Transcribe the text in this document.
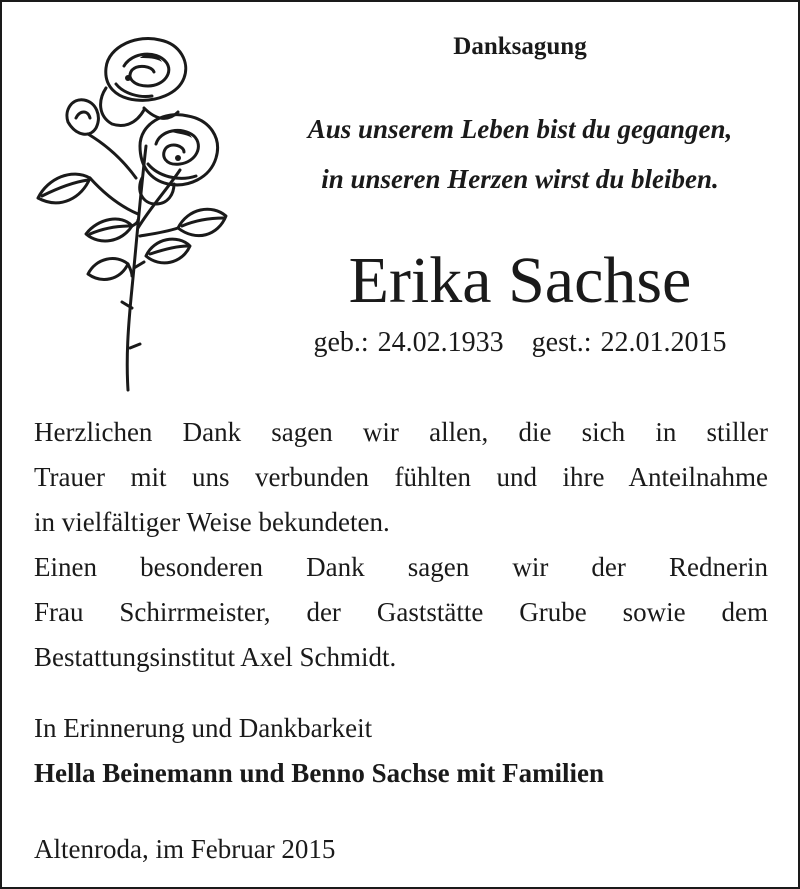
Danksagung
Aus unserem Leben bist du gegangen,
in unseren Herzen wirst du bleiben.
Erika Sachse
geb.: 24.02.1933 gest.: 22.01.2015
Herzlichen Dank sagen wir allen, die sich in stiller
Trauer mit uns verbunden fühlten und ihre Anteilnahme
in vielfältiger Weise bekundeten.
Einen besonderen Dank sagen wir der Rednerin
Frau Schirrmeister, der Gaststätte Grube sowie dem
Bestattungsinstitut Axel Schmidt.
In Erinnerung und Dankbarkeit
Hella Beinemann und Benno Sachse mit Familien
Altenroda, im Februar 2015
